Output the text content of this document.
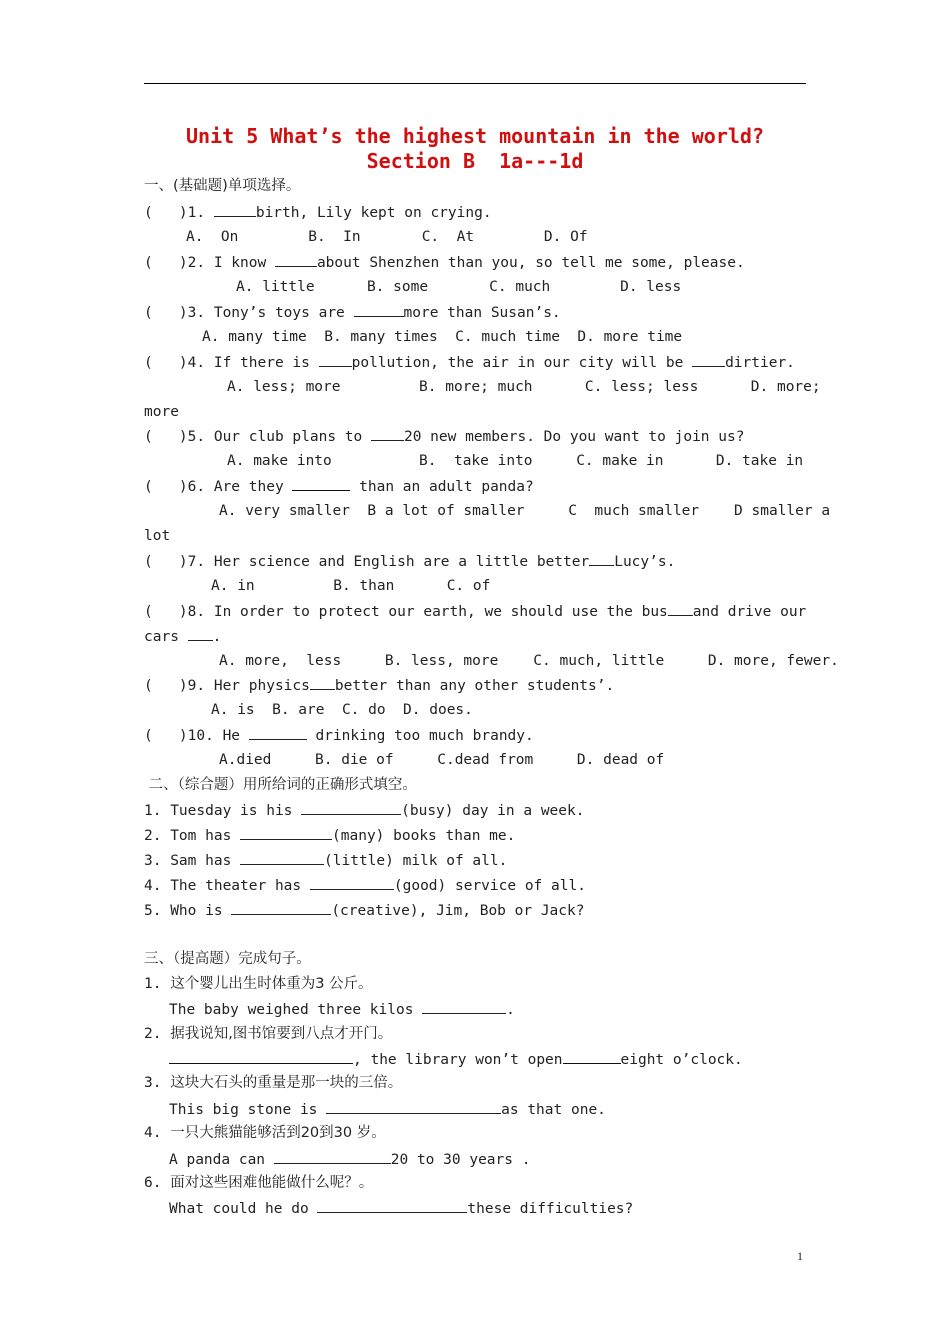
Unit 5 What’s the highest mountain in the world?
Section B  1a---1d
一、(基础题)单项选择。
(   )1.	birth, Lily kept on crying.
A.  On        B.  In       C.  At        D. Of
(   )2. I know	about Shenzhen than you, so tell me some, please.
A. little      B. some       C. much        D. less
(   )3. Tony’s toys are	more than Susan’s.
A. many time  B. many times  C. much time  D. more time
(   )4. If there is pollution, the air in our city will be dirtier.
A. less; more         B. more; much      C. less; less      D. more;
more
(   )5. Our club plans to 20 new members. Do you want to join us?
A. make into          B.  take into     C. make in      D. take in
(   )6. Are they	than an adult panda?
A. very smaller  B a lot of smaller     C  much smaller    D smaller a
lot
(   )7. Her science and English are a little better Lucy’s.
A. in         B. than      C. of
(   )8. In order to protect our earth, we should use the bus and drive our
cars .
A. more,  less     B. less, more    C. much, little     D. more, fewer.
(   )9. Her physics better than any other students’.
A. is  B. are  C. do  D. does.
(   )10. He	drinking too much brandy.
A.died     B. die of     C.dead from     D. dead of
二、（综合题）用所给词的正确形式填空。
1. Tuesday is his	(busy) day in a week.
2. Tom has	(many) books than me.
3. Sam has	(little) milk of all.
4. The theater has	(good) service of all.
5. Who is	(creative), Jim, Bob or Jack?
三、（提高题）完成句子。
1. 这个婴儿出生时体重为3 公斤。
The baby weighed three kilos	.
2. 据我说知,图书馆要到八点才开门。
, the library won’t open	eight o’clock.
3. 这块大石头的重量是那一块的三倍。
This big stone is	as that one.
4. 一只大熊猫能够活到20到30 岁。
A panda can	20 to 30 years .
6. 面对这些困难他能做什么呢？。
What could he do	these difficulties?
1
